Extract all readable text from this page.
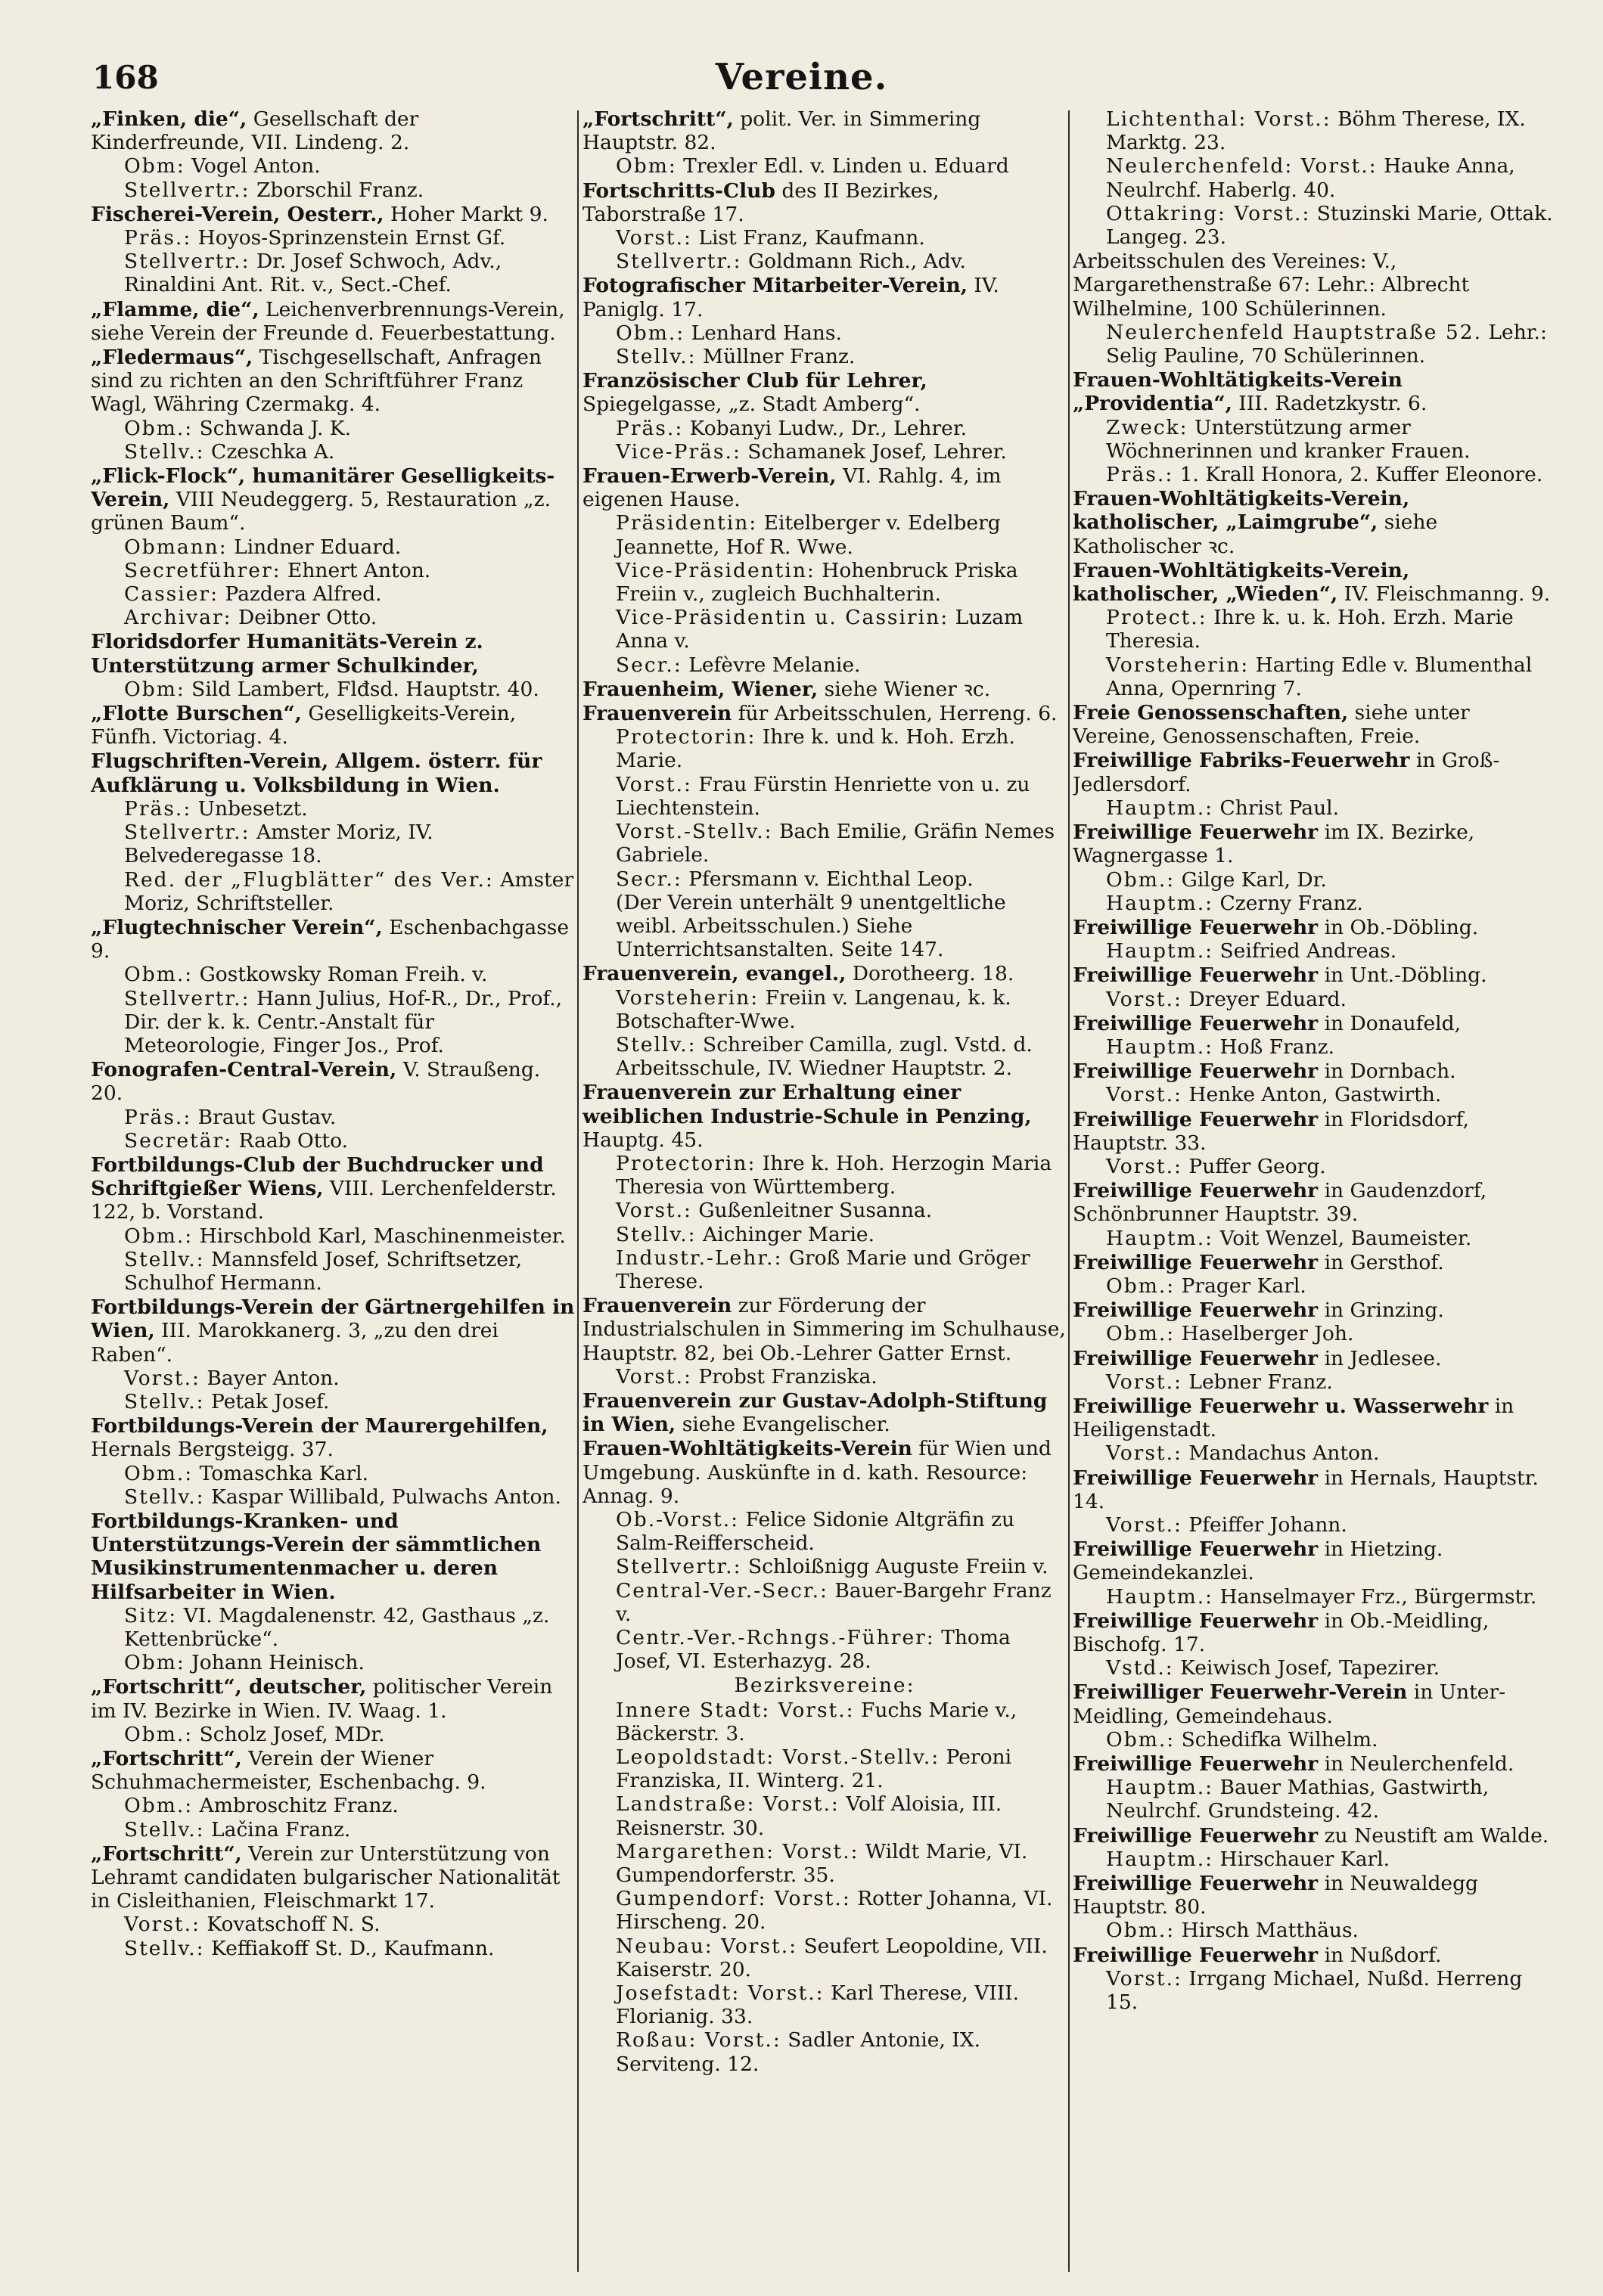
168	Vereine.
„Finken, die“, Gesellschaft der Kinderfreunde, VII. Lindeng. 2.
Obm: Vogel Anton.
Stellvertr.: Zborschil Franz.
Fischerei-Verein, Oesterr., Hoher Markt 9.
Präs.: Hoyos-Sprinzenstein Ernst Gf.
Stellvertr.: Dr. Josef Schwoch, Adv., Rinaldini Ant. Rit. v., Sect.-Chef.
„Flamme, die“, Leichenverbrennungs-Verein, siehe Verein der Freunde d. Feuerbestattung.
„Fledermaus“, Tischgesellschaft, Anfragen sind zu richten an den Schriftführer Franz Wagl, Währing Czermakg. 4.
Obm.: Schwanda J. K.
Stellv.: Czeschka A.
„Flick-Flock“, humanitärer Geselligkeits-Verein, VIII Neudeggerg. 5, Restauration „z. grünen Baum“.
Obmann: Lindner Eduard.
Secretführer: Ehnert Anton.
Cassier: Pazdera Alfred.
Archivar: Deibner Otto.
Floridsdorfer Humanitäts-Verein z. Unterstützung armer Schulkinder,
Obm: Sild Lambert, Flđsd. Hauptstr. 40.
„Flotte Burschen“, Geselligkeits-Verein, Fünfh. Victoriag. 4.
Flugschriften-Verein, Allgem. österr. für Aufklärung u. Volksbildung in Wien.
Präs.: Unbesetzt.
Stellvertr.: Amster Moriz, IV. Belvederegasse 18.
Red. der „Flugblätter“ des Ver.: Amster Moriz, Schriftsteller.
„Flugtechnischer Verein“, Eschenbachgasse 9.
Obm.: Gostkowsky Roman Freih. v.
Stellvertr.: Hann Julius, Hof-R., Dr., Prof., Dir. der k. k. Centr.-Anstalt für Meteorologie, Finger Jos., Prof.
Fonografen-Central-Verein, V. Straußeng. 20.
Präs.: Braut Gustav.
Secretär: Raab Otto.
Fortbildungs-Club der Buchdrucker und Schriftgießer Wiens, VIII. Lerchenfelderstr. 122, b. Vorstand.
Obm.: Hirschbold Karl, Maschinenmeister.
Stellv.: Mannsfeld Josef, Schriftsetzer, Schulhof Hermann.
Fortbildungs-Verein der Gärtnergehilfen in Wien, III. Marokkanerg. 3, „zu den drei Raben“.
Vorst.: Bayer Anton.
Stellv.: Petak Josef.
Fortbildungs-Verein der Maurergehilfen, Hernals Bergsteigg. 37.
Obm.: Tomaschka Karl.
Stellv.: Kaspar Willibald, Pulwachs Anton.
Fortbildungs-Kranken- und Unterstützungs-Verein der sämmtlichen Musikinstrumentenmacher u. deren Hilfsarbeiter in Wien.
Sitz: VI. Magdalenenstr. 42, Gasthaus „z. Kettenbrücke“.
Obm: Johann Heinisch.
„Fortschritt“, deutscher, politischer Verein im IV. Bezirke in Wien. IV. Waag. 1.
Obm.: Scholz Josef, MDr.
„Fortschritt“, Verein der Wiener Schuhmachermeister, Eschenbachg. 9.
Obm.: Ambroschitz Franz.
Stellv.: Lačina Franz.
„Fortschritt“, Verein zur Unterstützung von Lehramt candidaten bulgarischer Nationalität in Cisleithanien, Fleischmarkt 17.
Vorst.: Kovatschoff N. S.
Stellv.: Keffiakoff St. D., Kaufmann.
„Fortschritt“, polit. Ver. in Simmering Hauptstr. 82.
Obm: Trexler Edl. v. Linden u. Eduard
Fortschritts-Club des II Bezirkes, Taborstraße 17.
Vorst.: List Franz, Kaufmann.
Stellvertr.: Goldmann Rich., Adv.
Fotografischer Mitarbeiter-Verein, IV. Paniglg. 17.
Obm.: Lenhard Hans.
Stellv.: Müllner Franz.
Französischer Club für Lehrer, Spiegelgasse, „z. Stadt Amberg“.
Präs.: Kobanyi Ludw., Dr., Lehrer.
Vice-Präs.: Schamanek Josef, Lehrer.
Frauen-Erwerb-Verein, VI. Rahlg. 4, im eigenen Hause.
Präsidentin: Eitelberger v. Edelberg Jeannette, Hof R. Wwe.
Vice-Präsidentin: Hohenbruck Priska Freiin v., zugleich Buchhalterin.
Vice-Präsidentin u. Cassirin: Luzam Anna v.
Secr.: Lefèvre Melanie.
Frauenheim, Wiener, siehe Wiener ꝛc.
Frauenverein für Arbeitsschulen, Herreng. 6.
Protectorin: Ihre k. und k. Hoh. Erzh. Marie.
Vorst.: Frau Fürstin Henriette von u. zu Liechtenstein.
Vorst.-Stellv.: Bach Emilie, Gräfin Nemes Gabriele.
Secr.: Pfersmann v. Eichthal Leop.
(Der Verein unterhält 9 unentgeltliche weibl. Arbeitsschulen.) Siehe Unterrichtsanstalten. Seite 147.
Frauenverein, evangel., Dorotheerg. 18.
Vorsteherin: Freiin v. Langenau, k. k. Botschafter-Wwe.
Stellv.: Schreiber Camilla, zugl. Vstd. d. Arbeitsschule, IV. Wiedner Hauptstr. 2.
Frauenverein zur Erhaltung einer weiblichen Industrie-Schule in Penzing, Hauptg. 45.
Protectorin: Ihre k. Hoh. Herzogin Maria Theresia von Württemberg.
Vorst.: Gußenleitner Susanna.
Stellv.: Aichinger Marie.
Industr.-Lehr.: Groß Marie und Gröger Therese.
Frauenverein zur Förderung der Industrialschulen in Simmering im Schulhause, Hauptstr. 82, bei Ob.-Lehrer Gatter Ernst.
Vorst.: Probst Franziska.
Frauenverein zur Gustav-Adolph-Stiftung in Wien, siehe Evangelischer.
Frauen-Wohltätigkeits-Verein für Wien und Umgebung. Auskünfte in d. kath. Resource: Annag. 9.
Ob.-Vorst.: Felice Sidonie Altgräfin zu Salm-Reifferscheid.
Stellvertr.: Schloißnigg Auguste Freiin v.
Central-Ver.-Secr.: Bauer-Bargehr Franz v.
Centr.-Ver.-Rchngs.-Führer: Thoma Josef, VI. Esterhazyg. 28.
Bezirksvereine:
Innere Stadt: Vorst.: Fuchs Marie v., Bäckerstr. 3.
Leopoldstadt: Vorst.-Stellv.: Peroni Franziska, II. Winterg. 21.
Landstraße: Vorst.: Volf Aloisia, III. Reisnerstr. 30.
Margarethen: Vorst.: Wildt Marie, VI. Gumpendorferstr. 35.
Gumpendorf: Vorst.: Rotter Johanna, VI. Hirscheng. 20.
Neubau: Vorst.: Seufert Leopoldine, VII. Kaiserstr. 20.
Josefstadt: Vorst.: Karl Therese, VIII. Florianig. 33.
Roßau: Vorst.: Sadler Antonie, IX. Serviteng. 12.
Lichtenthal: Vorst.: Böhm Therese, IX. Marktg. 23.
Neulerchenfeld: Vorst.: Hauke Anna, Neulrchf. Haberlg. 40.
Ottakring: Vorst.: Stuzinski Marie, Ottak. Langeg. 23.
Arbeitsschulen des Vereines: V., Margarethenstraße 67: Lehr.: Albrecht Wilhelmine, 100 Schülerinnen.
Neulerchenfeld Hauptstraße 52. Lehr.: Selig Pauline, 70 Schülerinnen.
Frauen-Wohltätigkeits-Verein „Providentia“, III. Radetzkystr. 6.
Zweck: Unterstützung armer Wöchnerinnen und kranker Frauen.
Präs.: 1. Krall Honora, 2. Kuffer Eleonore.
Frauen-Wohltätigkeits-Verein, katholischer, „Laimgrube“, siehe Katholischer ꝛc.
Frauen-Wohltätigkeits-Verein, katholischer, „Wieden“, IV. Fleischmanng. 9.
Protect.: Ihre k. u. k. Hoh. Erzh. Marie Theresia.
Vorsteherin: Harting Edle v. Blumenthal Anna, Opernring 7.
Freie Genossenschaften, siehe unter Vereine, Genossenschaften, Freie.
Freiwillige Fabriks-Feuerwehr in Groß-Jedlersdorf.
Hauptm.: Christ Paul.
Freiwillige Feuerwehr im IX. Bezirke, Wagnergasse 1.
Obm.: Gilge Karl, Dr.
Hauptm.: Czerny Franz.
Freiwillige Feuerwehr in Ob.-Döbling.
Hauptm.: Seifried Andreas.
Freiwillige Feuerwehr in Unt.-Döbling.
Vorst.: Dreyer Eduard.
Freiwillige Feuerwehr in Donaufeld,
Hauptm.: Hoß Franz.
Freiwillige Feuerwehr in Dornbach.
Vorst.: Henke Anton, Gastwirth.
Freiwillige Feuerwehr in Floridsdorf, Hauptstr. 33.
Vorst.: Puffer Georg.
Freiwillige Feuerwehr in Gaudenzdorf, Schönbrunner Hauptstr. 39.
Hauptm.: Voit Wenzel, Baumeister.
Freiwillige Feuerwehr in Gersthof.
Obm.: Prager Karl.
Freiwillige Feuerwehr in Grinzing.
Obm.: Haselberger Joh.
Freiwillige Feuerwehr in Jedlesee.
Vorst.: Lebner Franz.
Freiwillige Feuerwehr u. Wasserwehr in Heiligenstadt.
Vorst.: Mandachus Anton.
Freiwillige Feuerwehr in Hernals, Hauptstr. 14.
Vorst.: Pfeiffer Johann.
Freiwillige Feuerwehr in Hietzing. Gemeindekanzlei.
Hauptm.: Hanselmayer Frz., Bürgermstr.
Freiwillige Feuerwehr in Ob.-Meidling, Bischofg. 17.
Vstd.: Keiwisch Josef, Tapezirer.
Freiwilliger Feuerwehr-Verein in Unter-Meidling, Gemeindehaus.
Obm.: Schedifka Wilhelm.
Freiwillige Feuerwehr in Neulerchenfeld.
Hauptm.: Bauer Mathias, Gastwirth, Neulrchf. Grundsteing. 42.
Freiwillige Feuerwehr zu Neustift am Walde.
Hauptm.: Hirschauer Karl.
Freiwillige Feuerwehr in Neuwaldegg Hauptstr. 80.
Obm.: Hirsch Matthäus.
Freiwillige Feuerwehr in Nußdorf.
Vorst.: Irrgang Michael, Nußd. Herreng 15.
